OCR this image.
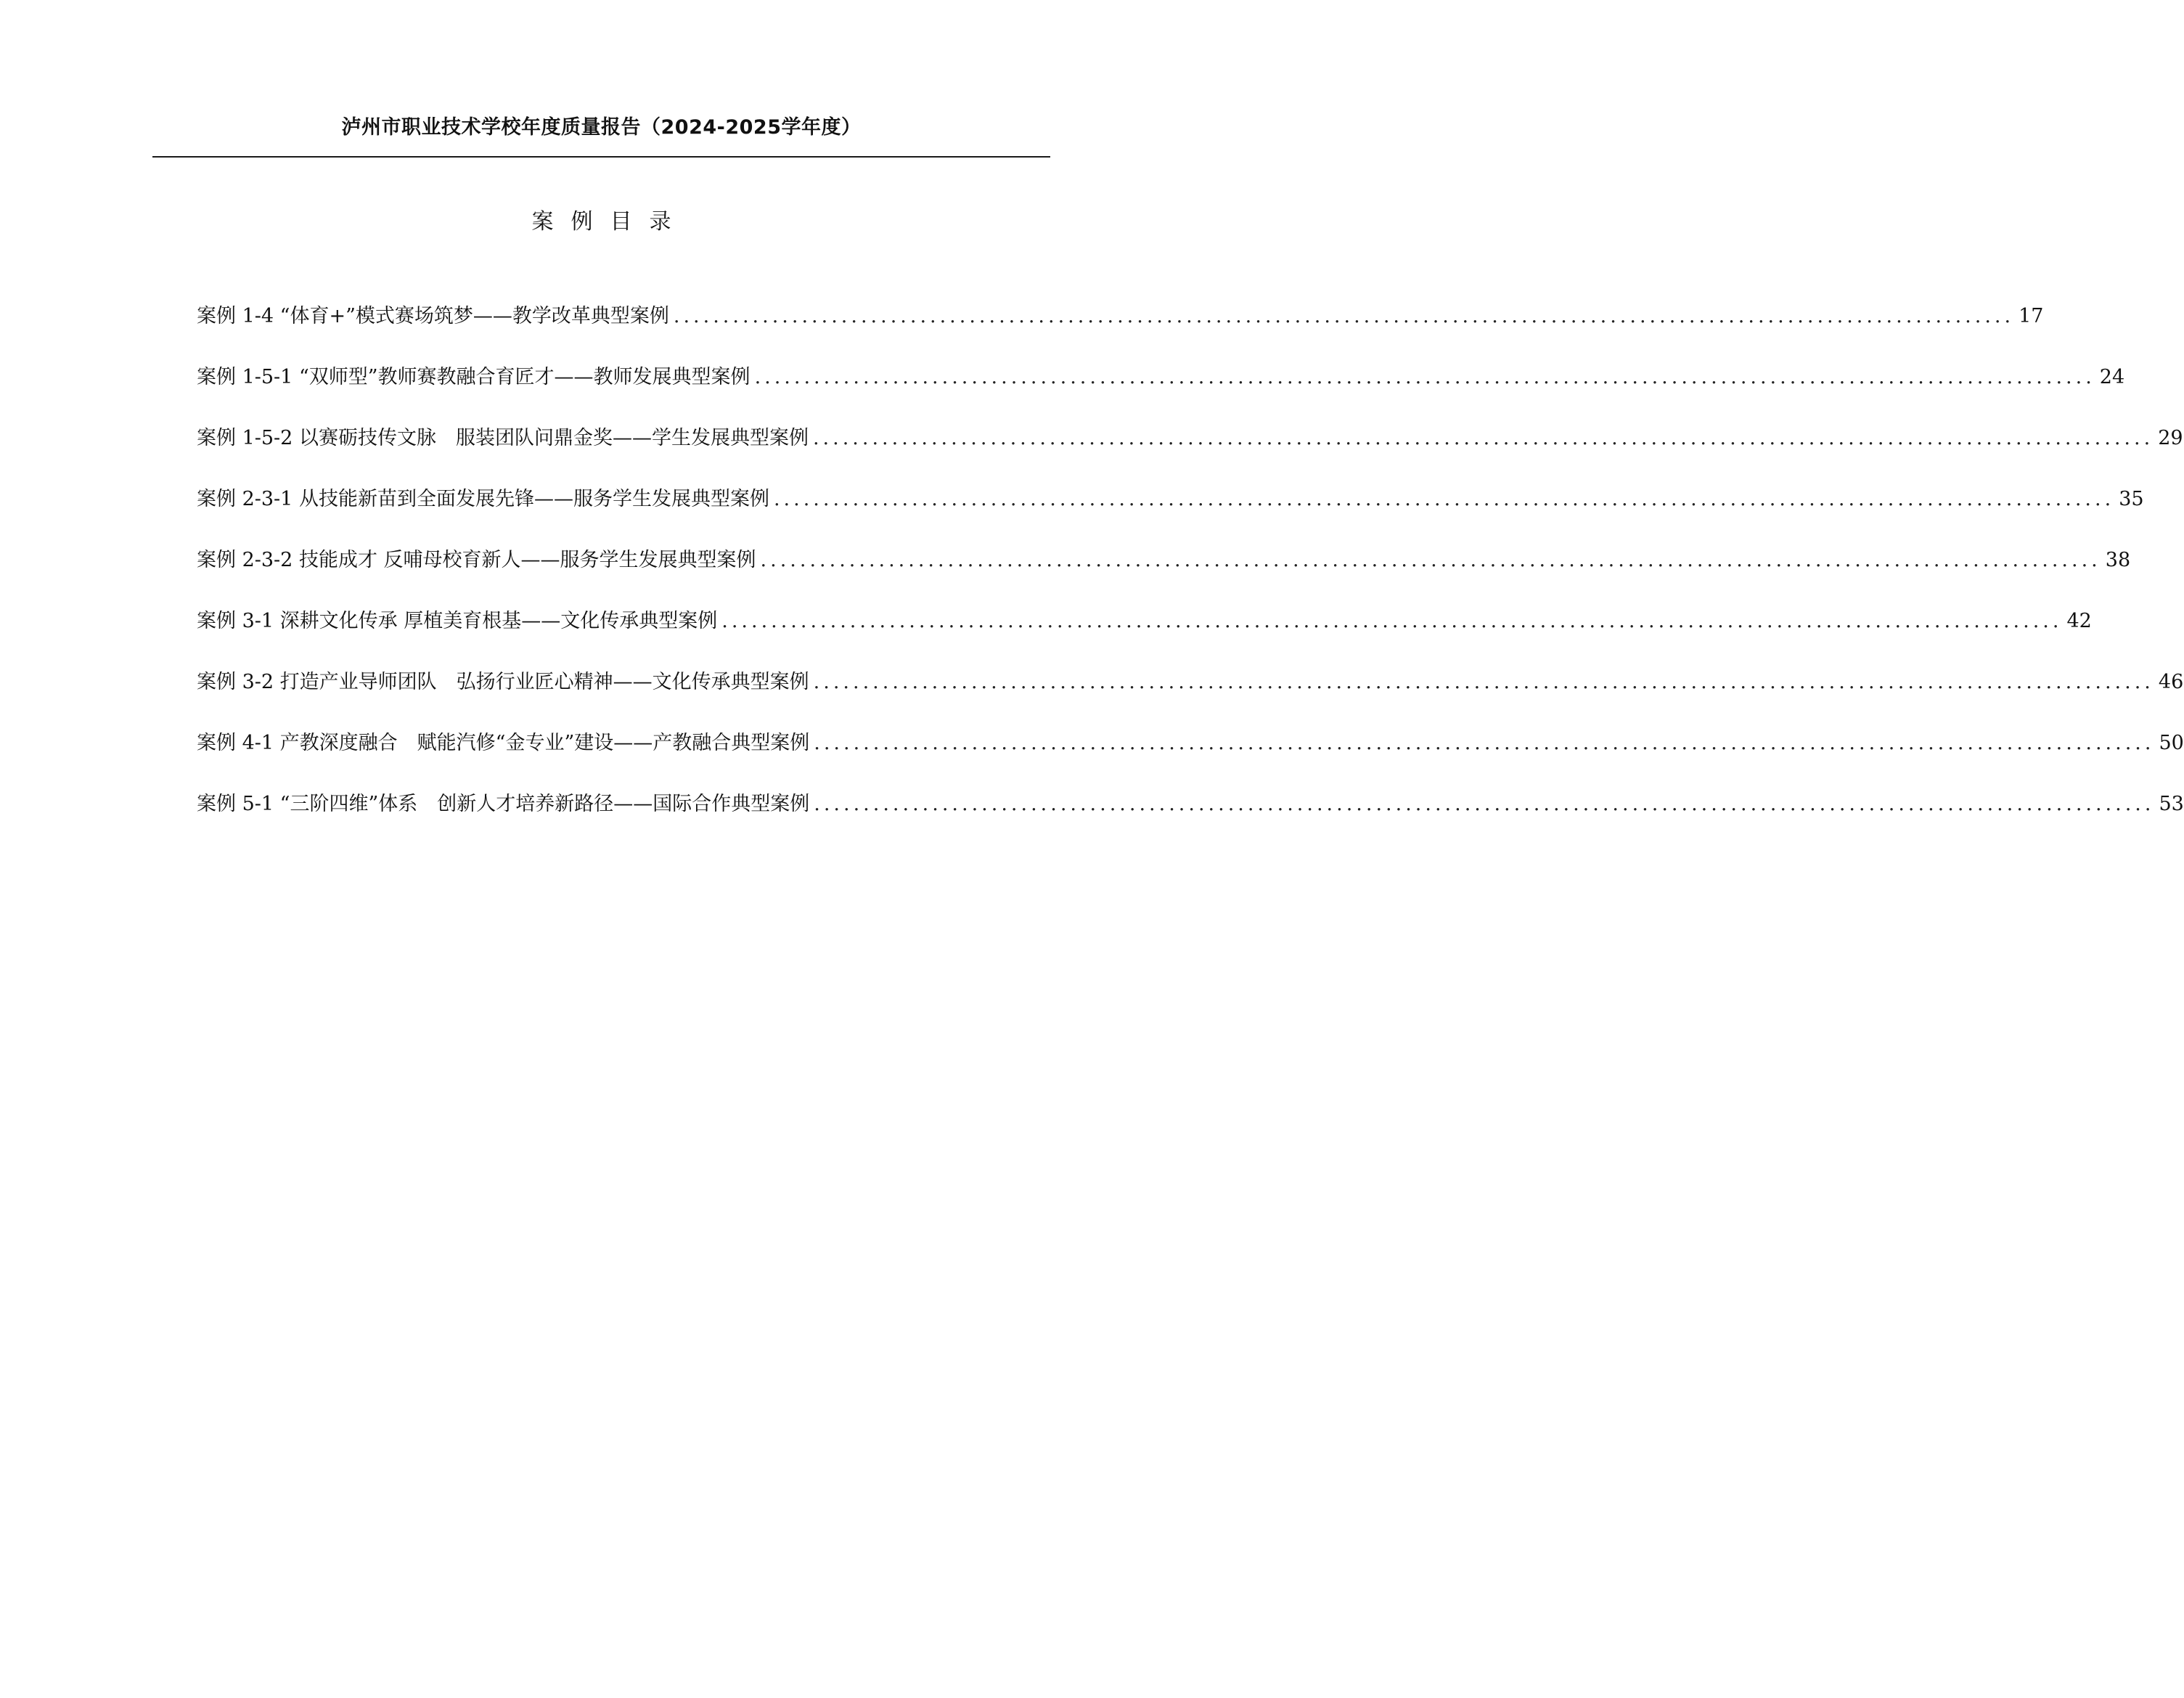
泸州市职业技术学校年度质量报告（2024-2025学年度）
案例目录
案例 1-4 “体育+”模式赛场筑梦——教学改革典型案例 ........................................................................................................................................ 17
案例 1-5-1 “双师型”教师赛教融合育匠才——教师发展典型案例 ........................................................................................................................................ 24
案例 1-5-2 以赛砺技传文脉　服装团队问鼎金奖——学生发展典型案例 ........................................................................................................................................ 29
案例 2-3-1 从技能新苗到全面发展先锋——服务学生发展典型案例 ........................................................................................................................................ 35
案例 2-3-2 技能成才 反哺母校育新人——服务学生发展典型案例 ........................................................................................................................................ 38
案例 3-1 深耕文化传承 厚植美育根基——文化传承典型案例 ........................................................................................................................................ 42
案例 3-2 打造产业导师团队　弘扬行业匠心精神——文化传承典型案例 ........................................................................................................................................ 46
案例 4-1 产教深度融合　赋能汽修“金专业”建设——产教融合典型案例 ........................................................................................................................................ 50
案例 5-1 “三阶四维”体系　创新人才培养新路径——国际合作典型案例 ........................................................................................................................................ 53
